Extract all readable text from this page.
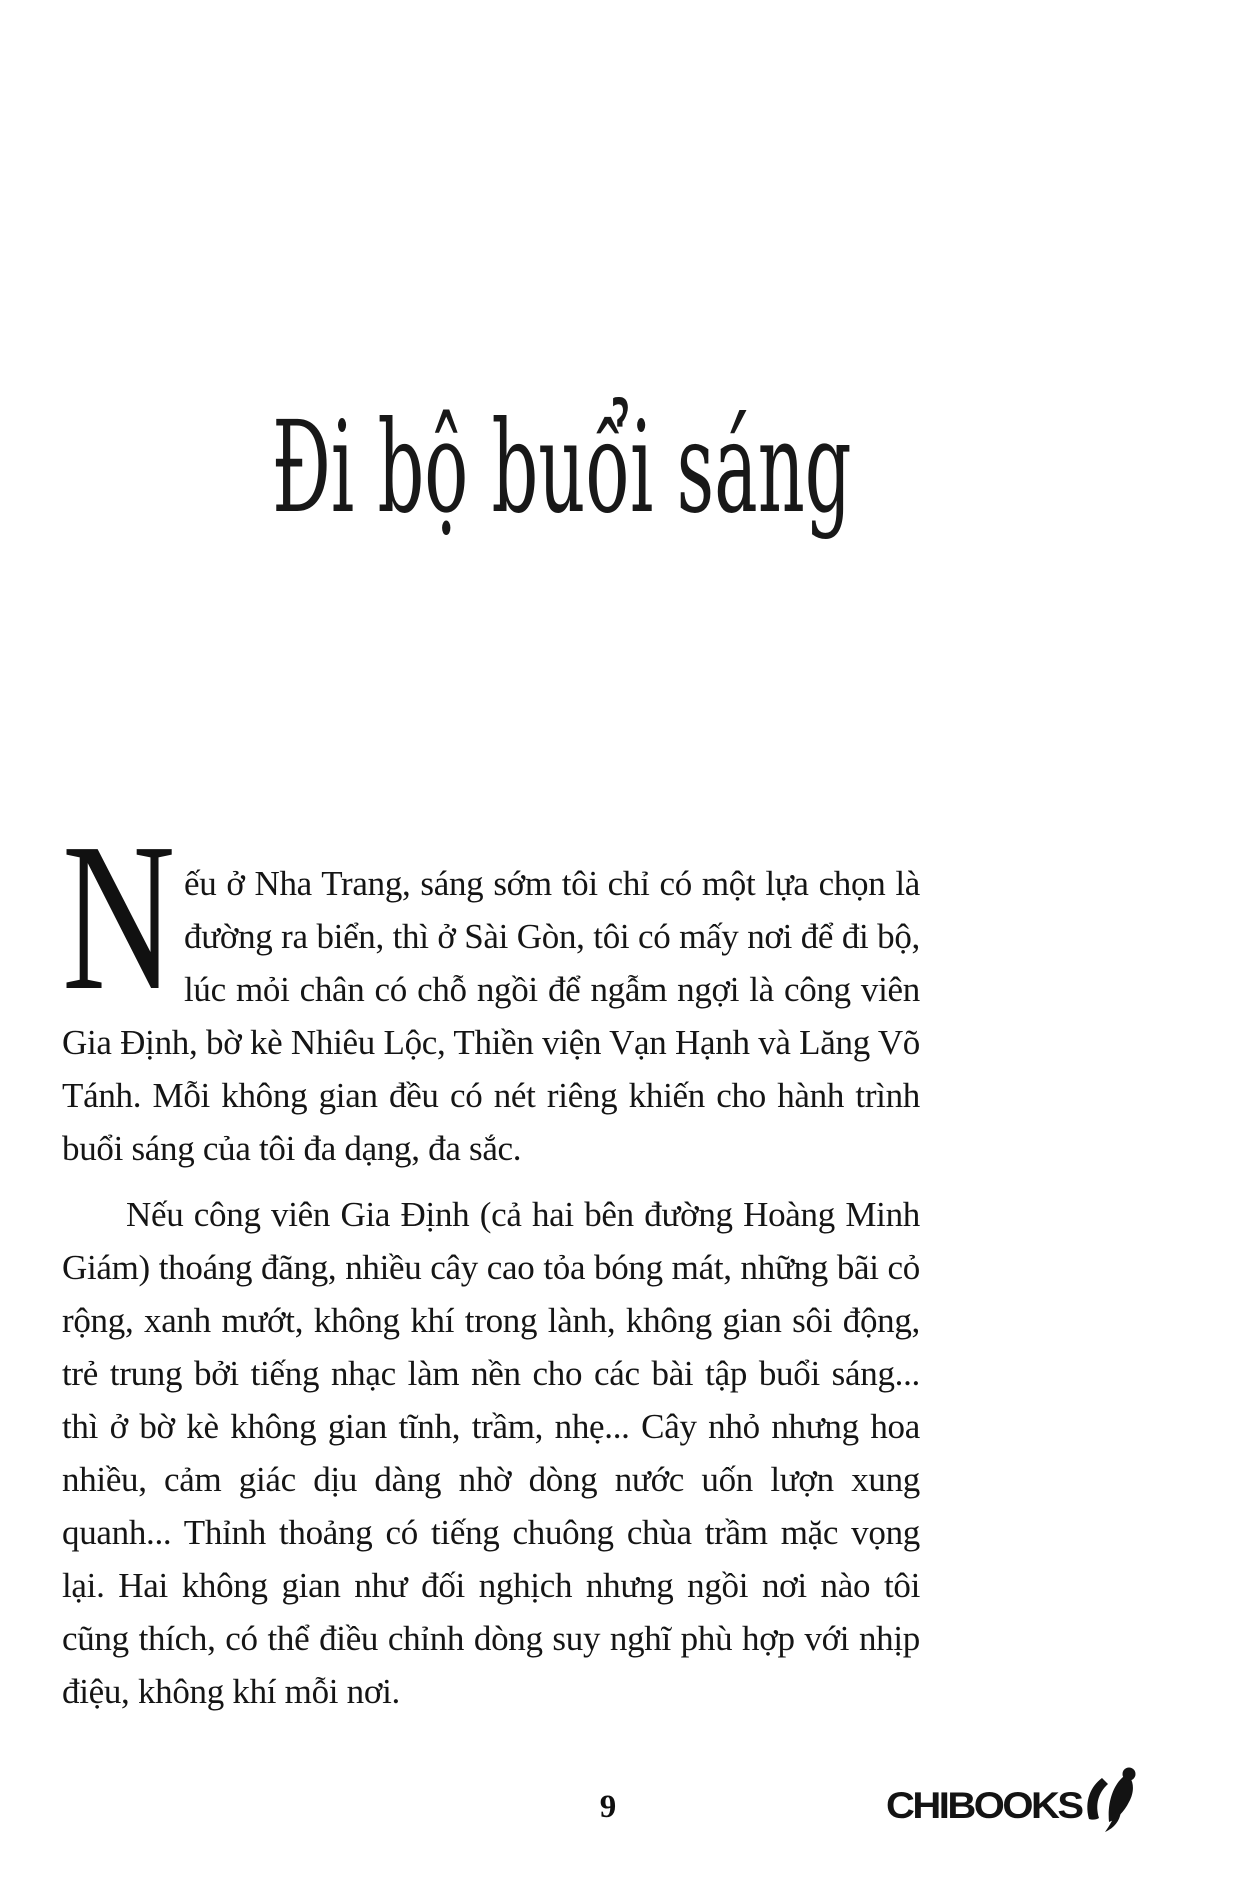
Đi bộ buổi sáng

N ếu ở Nha Trang, sáng sớm tôi chỉ có một lựa chọn là đường ra biển, thì ở Sài Gòn, tôi có mấy nơi để đi bộ, lúc mỏi chân có chỗ ngồi để ngẫm ngợi là công viên Gia Định, bờ kè Nhiêu Lộc, Thiền viện Vạn Hạnh và Lăng Võ Tánh. Mỗi không gian đều có nét riêng khiến cho hành trình buổi sáng của tôi đa dạng, đa sắc.

Nếu công viên Gia Định (cả hai bên đường Hoàng Minh Giám) thoáng đãng, nhiều cây cao tỏa bóng mát, những bãi cỏ rộng, xanh mướt, không khí trong lành, không gian sôi động, trẻ trung bởi tiếng nhạc làm nền cho các bài tập buổi sáng... thì ở bờ kè không gian tĩnh, trầm, nhẹ... Cây nhỏ nhưng hoa nhiều, cảm giác dịu dàng nhờ dòng nước uốn lượn xung quanh... Thỉnh thoảng có tiếng chuông chùa trầm mặc vọng lại. Hai không gian như đối nghịch nhưng ngồi nơi nào tôi cũng thích, có thể điều chỉnh dòng suy nghĩ phù hợp với nhịp điệu, không khí mỗi nơi.

9	CHIBOOKS
